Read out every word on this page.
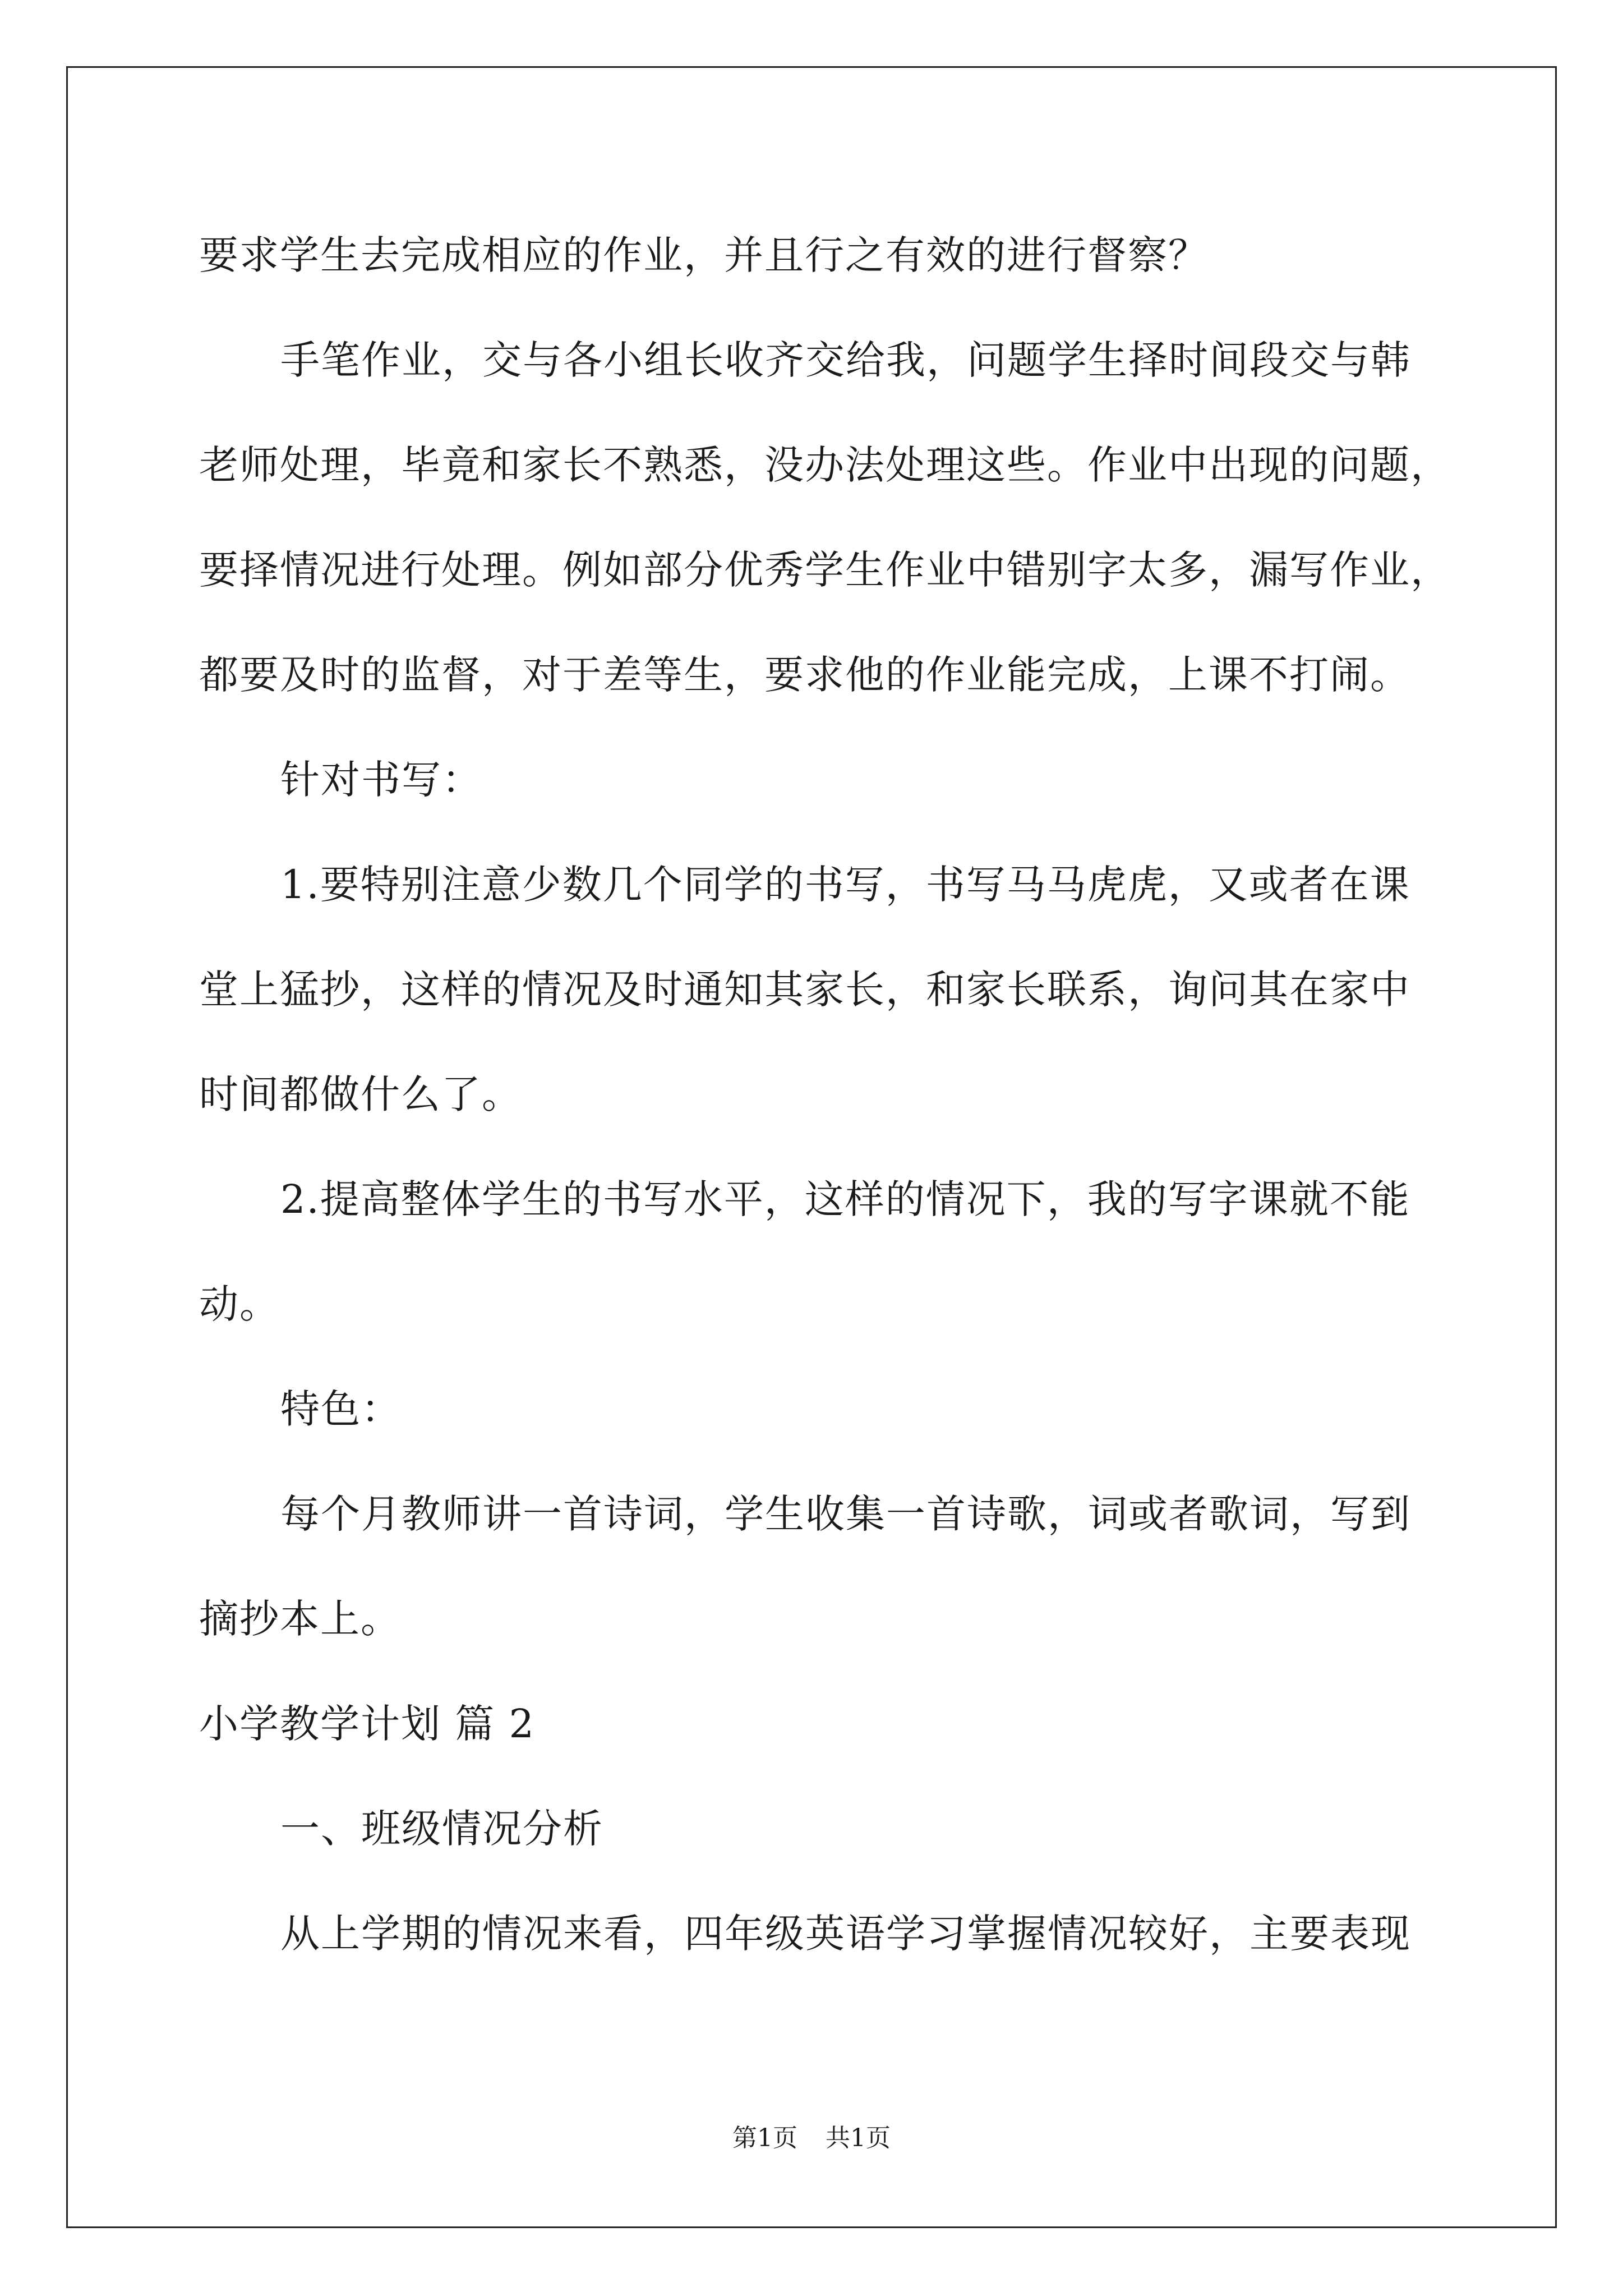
要求学生去完成相应的作业，并且行之有效的进行督察？
手笔作业，交与各小组长收齐交给我，问题学生择时间段交与韩
老师处理，毕竟和家长不熟悉，没办法处理这些。作业中出现的问题，
要择情况进行处理。例如部分优秀学生作业中错别字太多，漏写作业，
都要及时的监督，对于差等生，要求他的作业能完成，上课不打闹。
针对书写：
1.要特别注意少数几个同学的书写，书写马马虎虎，又或者在课
堂上猛抄，这样的情况及时通知其家长，和家长联系，询问其在家中
时间都做什么了。
2.提高整体学生的书写水平，这样的情况下，我的写字课就不能
动。
特色：
每个月教师讲一首诗词，学生收集一首诗歌，词或者歌词，写到
摘抄本上。
小学教学计划 篇 2
一、班级情况分析
从上学期的情况来看，四年级英语学习掌握情况较好，主要表现
第1页 共1页
